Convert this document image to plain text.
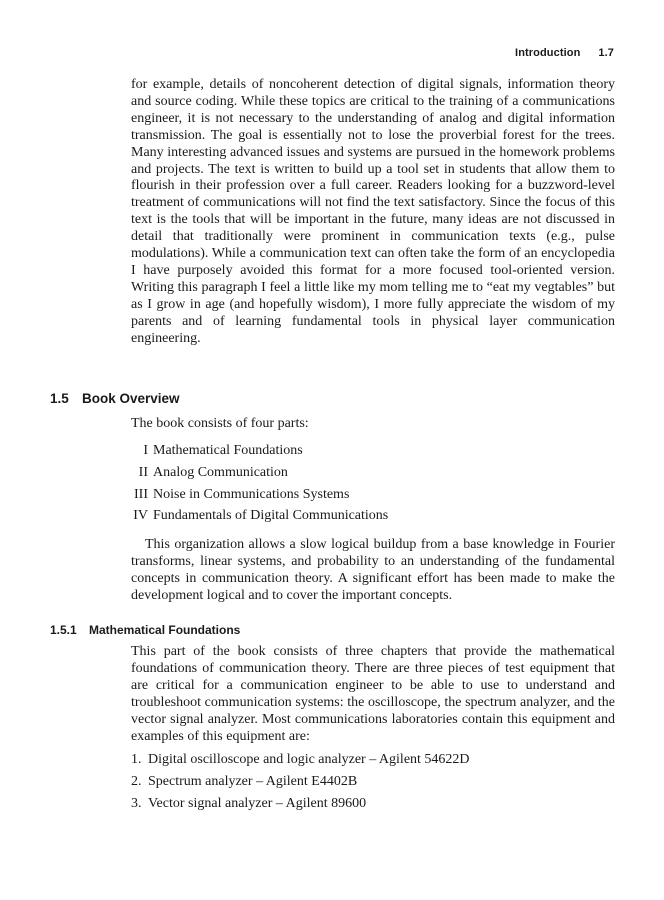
Introduction 1.7

for example, details of noncoherent detection of digital signals, information theory and source coding. While these topics are critical to the training of a communications engineer, it is not necessary to the understanding of analog and digital information transmission. The goal is essentially not to lose the proverbial forest for the trees. Many interesting advanced issues and systems are pursued in the homework problems and projects. The text is written to build up a tool set in students that allow them to flourish in their profession over a full career. Readers looking for a buzzword-level treatment of communications will not find the text satisfactory. Since the focus of this text is the tools that will be important in the future, many ideas are not discussed in detail that traditionally were prominent in communication texts (e.g., pulse modulations). While a communication text can often take the form of an encyclopedia I have purposely avoided this format for a more focused tool-oriented version. Writing this paragraph I feel a little like my mom telling me to “eat my vegtables” but as I grow in age (and hopefully wisdom), I more fully appreciate the wisdom of my parents and of learning fundamental tools in physical layer communication engineering.

1.5 Book Overview

The book consists of four parts:

I Mathematical Foundations
II Analog Communication
III Noise in Communications Systems
IV Fundamentals of Digital Communications

This organization allows a slow logical buildup from a base knowledge in Fourier transforms, linear systems, and probability to an understanding of the fundamental concepts in communication theory. A significant effort has been made to make the development logical and to cover the important concepts.

1.5.1 Mathematical Foundations

This part of the book consists of three chapters that provide the mathematical foundations of communication theory. There are three pieces of test equipment that are critical for a communication engineer to be able to use to understand and troubleshoot communication systems: the oscilloscope, the spectrum analyzer, and the vector signal analyzer. Most communications laboratories contain this equipment and examples of this equipment are:

1. Digital oscilloscope and logic analyzer – Agilent 54622D
2. Spectrum analyzer – Agilent E4402B
3. Vector signal analyzer – Agilent 89600
